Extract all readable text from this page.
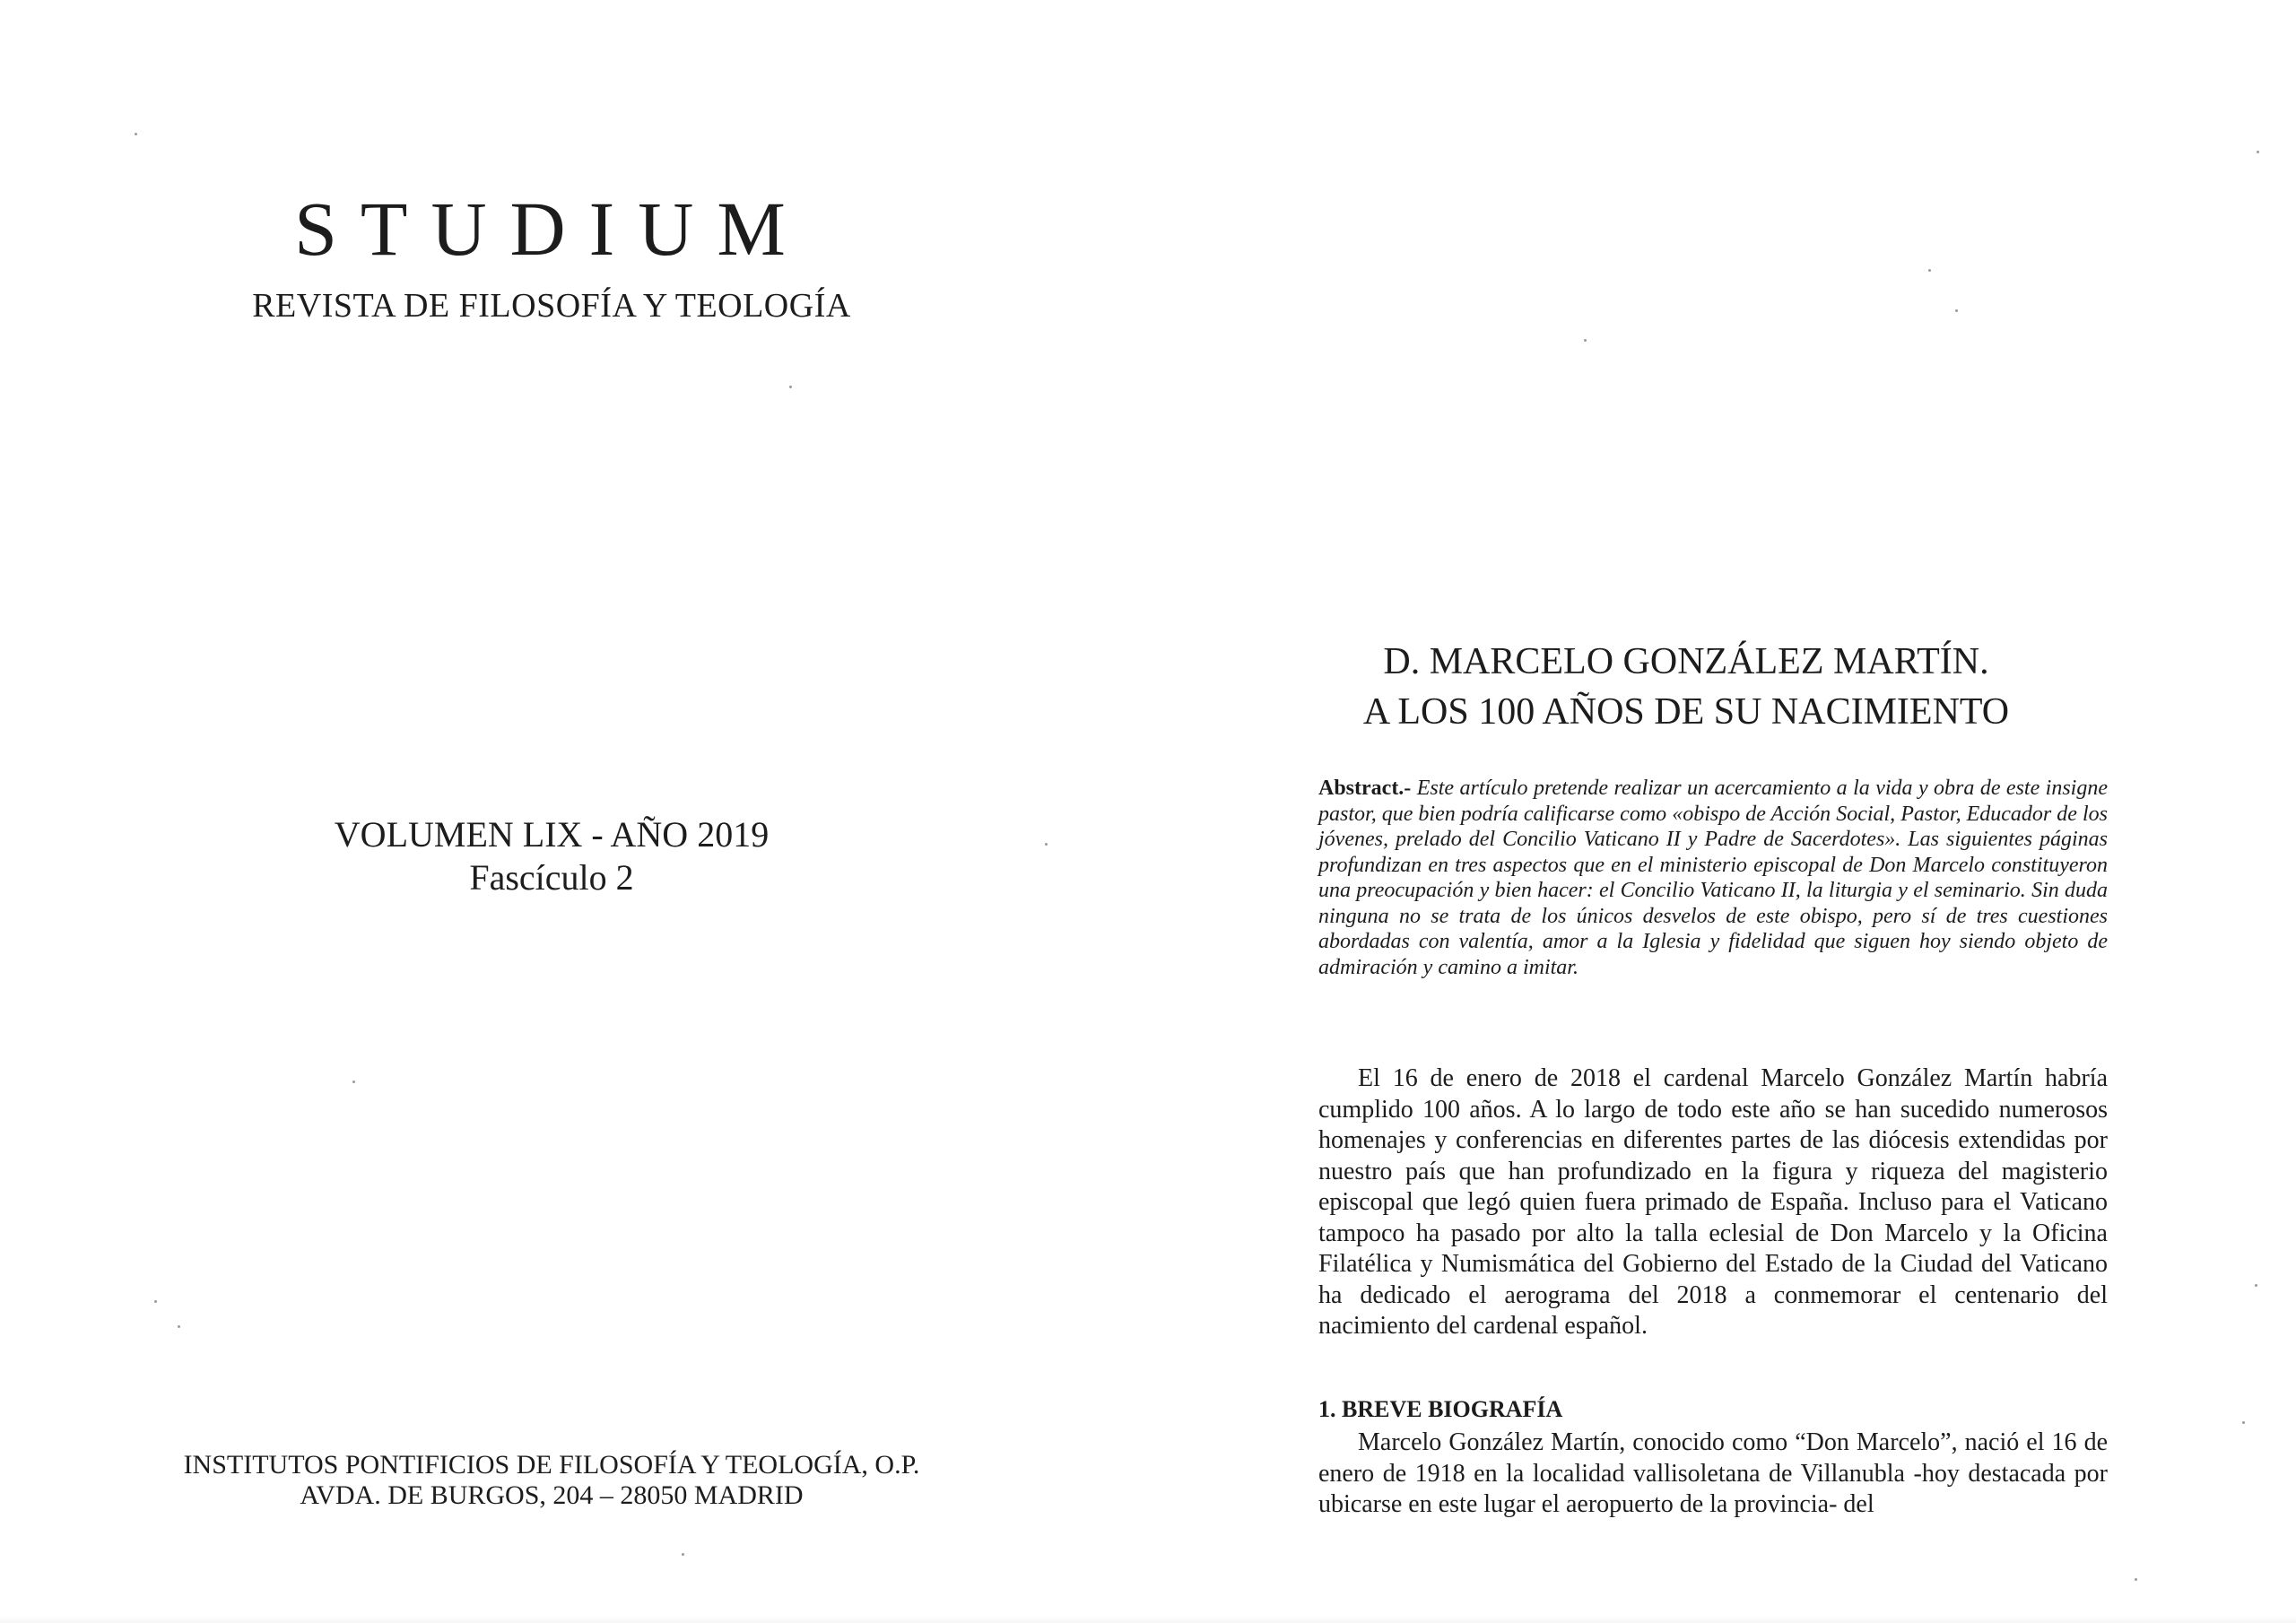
STUDIUM
REVISTA DE FILOSOFÍA Y TEOLOGÍA
VOLUMEN LIX - AÑO 2019
Fascículo 2
INSTITUTOS PONTIFICIOS DE FILOSOFÍA Y TEOLOGÍA, O.P.
AVDA. DE BURGOS, 204 – 28050 MADRID
D. MARCELO GONZÁLEZ MARTÍN.
A LOS 100 AÑOS DE SU NACIMIENTO
Abstract.- Este artículo pretende realizar un acercamiento a la vida y obra de este insigne pastor, que bien podría calificarse como «obispo de Acción Social, Pastor, Educador de los jóvenes, prelado del Concilio Vaticano II y Padre de Sacerdotes». Las siguientes páginas profundizan en tres aspectos que en el ministerio episcopal de Don Marcelo constituyeron una preocupación y bien hacer: el Concilio Vaticano II, la liturgia y el seminario. Sin duda ninguna no se trata de los únicos desvelos de este obispo, pero sí de tres cuestiones abordadas con valentía, amor a la Iglesia y fidelidad que siguen hoy siendo objeto de admiración y camino a imitar.

El 16 de enero de 2018 el cardenal Marcelo González Martín habría cumplido 100 años. A lo largo de todo este año se han sucedido numerosos homenajes y conferencias en diferentes partes de las diócesis extendidas por nuestro país que han profundizado en la figura y riqueza del magisterio episcopal que legó quien fuera primado de España. Incluso para el Vaticano tampoco ha pasado por alto la talla eclesial de Don Marcelo y la Oficina Filatélica y Numismática del Gobierno del Estado de la Ciudad del Vaticano ha dedicado el aerograma del 2018 a conmemorar el centenario del nacimiento del cardenal español.

1. BREVE BIOGRAFÍA

Marcelo González Martín, conocido como “Don Marcelo”, nació el 16 de enero de 1918 en la localidad vallisoletana de Villanubla -hoy destacada por ubicarse en este lugar el aeropuerto de la provincia- del
